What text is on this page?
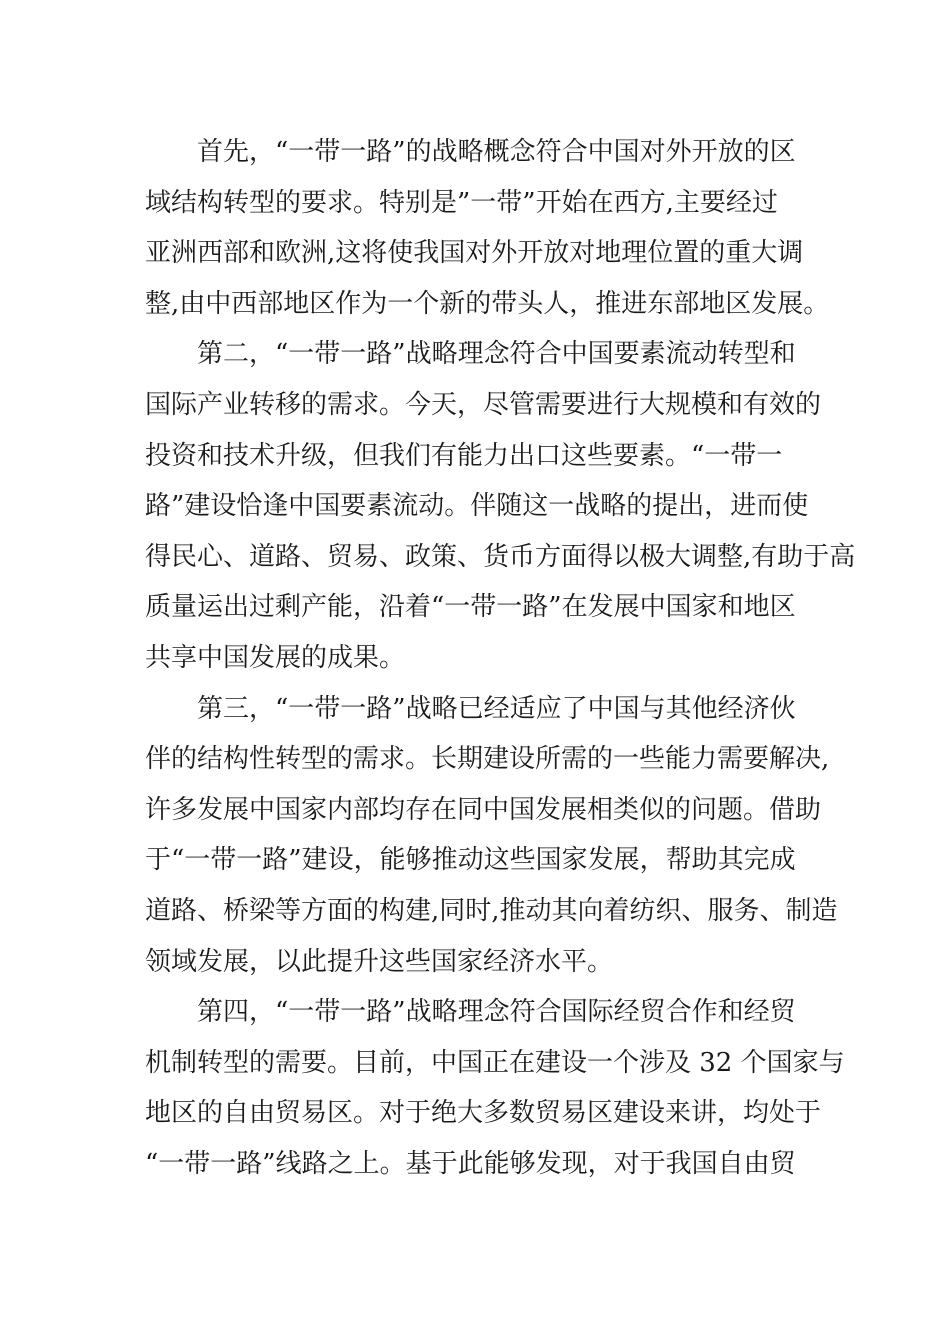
首先，“一带一路”的战略概念符合中国对外开放的区
域结构转型的要求。特别是”一带”开始在西方,主要经过
亚洲西部和欧洲,这将使我国对外开放对地理位置的重大调
整,由中西部地区作为一个新的带头人，推进东部地区发展。
第二，“一带一路”战略理念符合中国要素流动转型和
国际产业转移的需求。今天，尽管需要进行大规模和有效的
投资和技术升级，但我们有能力出口这些要素。“一带一
路”建设恰逢中国要素流动。伴随这一战略的提出，进而使
得民心、道路、贸易、政策、货币方面得以极大调整,有助于高
质量运出过剩产能，沿着“一带一路”在发展中国家和地区
共享中国发展的成果。
第三，“一带一路”战略已经适应了中国与其他经济伙
伴的结构性转型的需求。长期建设所需的一些能力需要解决,
许多发展中国家内部均存在同中国发展相类似的问题。借助
于“一带一路”建设，能够推动这些国家发展，帮助其完成
道路、桥梁等方面的构建,同时,推动其向着纺织、服务、制造
领域发展，以此提升这些国家经济水平。
第四，“一带一路”战略理念符合国际经贸合作和经贸
机制转型的需要。目前，中国正在建设一个涉及 32 个国家与
地区的自由贸易区。对于绝大多数贸易区建设来讲，均处于
“一带一路”线路之上。基于此能够发现，对于我国自由贸
